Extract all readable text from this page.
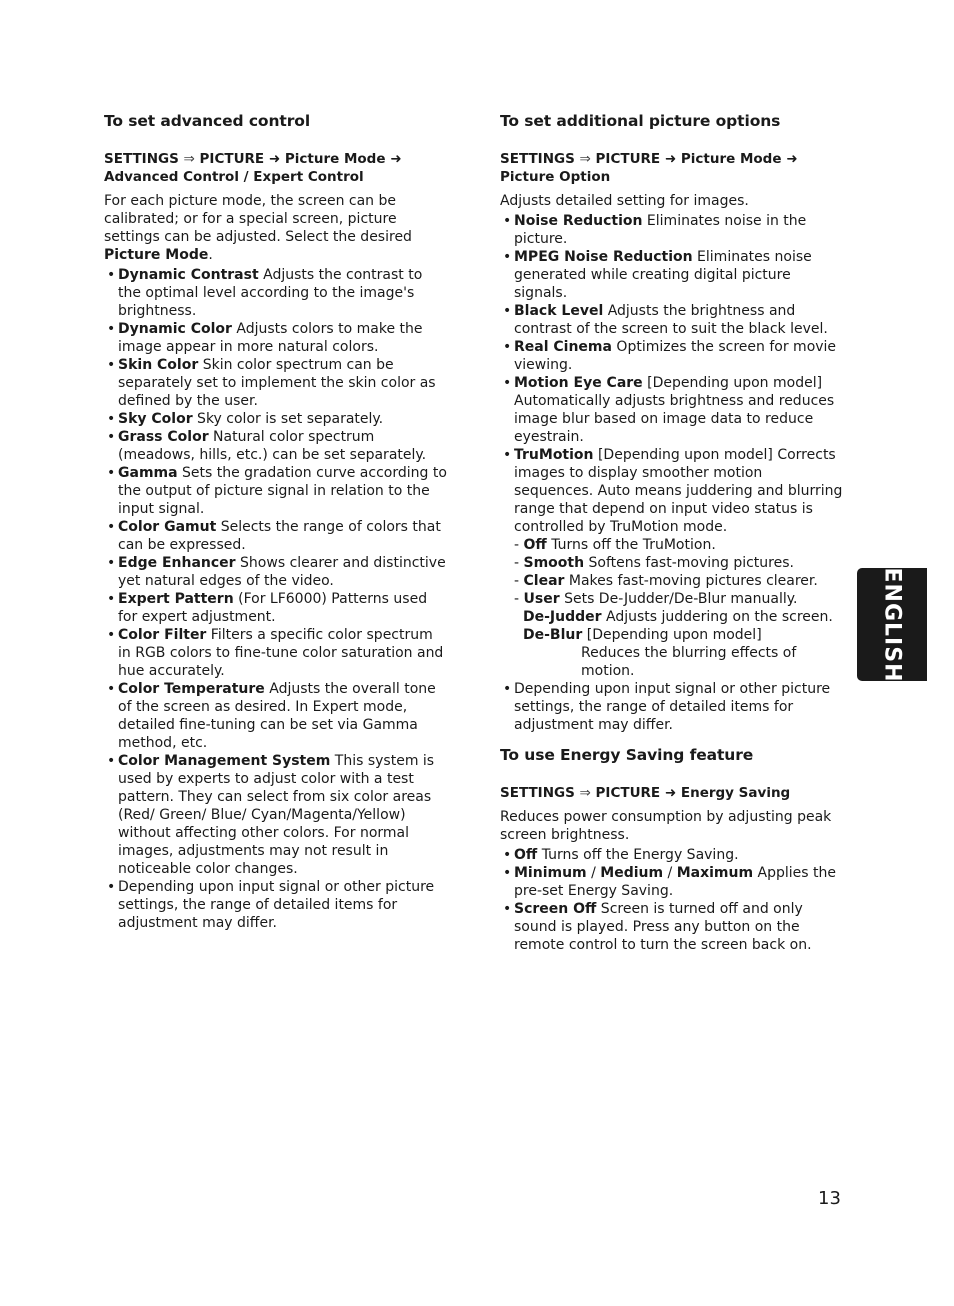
To set advanced control
SETTINGS ⇒ PICTURE ➜ Picture Mode ➜ Advanced Control / Expert Control

For each picture mode, the screen can be calibrated; or for a special screen, picture settings can be adjusted. Select the desired Picture Mode.

• Dynamic Contrast Adjusts the contrast to the optimal level according to the image's brightness.
• Dynamic Color Adjusts colors to make the image appear in more natural colors.
• Skin Color Skin color spectrum can be separately set to implement the skin color as defined by the user.
• Sky Color Sky color is set separately.
• Grass Color Natural color spectrum (meadows, hills, etc.) can be set separately.
• Gamma Sets the gradation curve according to the output of picture signal in relation to the input signal.
• Color Gamut Selects the range of colors that can be expressed.
• Edge Enhancer Shows clearer and distinctive yet natural edges of the video.
• Expert Pattern (For LF6000) Patterns used for expert adjustment.
• Color Filter Filters a specific color spectrum in RGB colors to fine-tune color saturation and hue accurately.
• Color Temperature Adjusts the overall tone of the screen as desired. In Expert mode, detailed fine-tuning can be set via Gamma method, etc.
• Color Management System This system is used by experts to adjust color with a test pattern. They can select from six color areas (Red/ Green/ Blue/ Cyan/Magenta/Yellow) without affecting other colors. For normal images, adjustments may not result in noticeable color changes.
• Depending upon input signal or other picture settings, the range of detailed items for adjustment may differ.
To set additional picture options
SETTINGS ⇒ PICTURE ➜ Picture Mode ➜ Picture Option

Adjusts detailed setting for images.

• Noise Reduction Eliminates noise in the picture.
• MPEG Noise Reduction Eliminates noise generated while creating digital picture signals.
• Black Level Adjusts the brightness and contrast of the screen to suit the black level.
• Real Cinema Optimizes the screen for movie viewing.
• Motion Eye Care [Depending upon model] Automatically adjusts brightness and reduces image blur based on image data to reduce eyestrain.
• TruMotion [Depending upon model] Corrects images to display smoother motion sequences. Auto means juddering and blurring range that depend on input video status is controlled by TruMotion mode.
- Off Turns off the TruMotion.
- Smooth Softens fast-moving pictures.
- Clear Makes fast-moving pictures clearer.
- User Sets De-Judder/De-Blur manually.
De-Judder Adjusts juddering on the screen.
De-Blur [Depending upon model]
Reduces the blurring effects of motion.
• Depending upon input signal or other picture settings, the range of detailed items for adjustment may differ.
To use Energy Saving feature
SETTINGS ⇒ PICTURE ➜ Energy Saving

Reduces power consumption by adjusting peak screen brightness.

• Off Turns off the Energy Saving.
• Minimum / Medium / Maximum Applies the pre-set Energy Saving.
• Screen Off Screen is turned off and only sound is played. Press any button on the remote control to turn the screen back on.
ENGLISH
13
